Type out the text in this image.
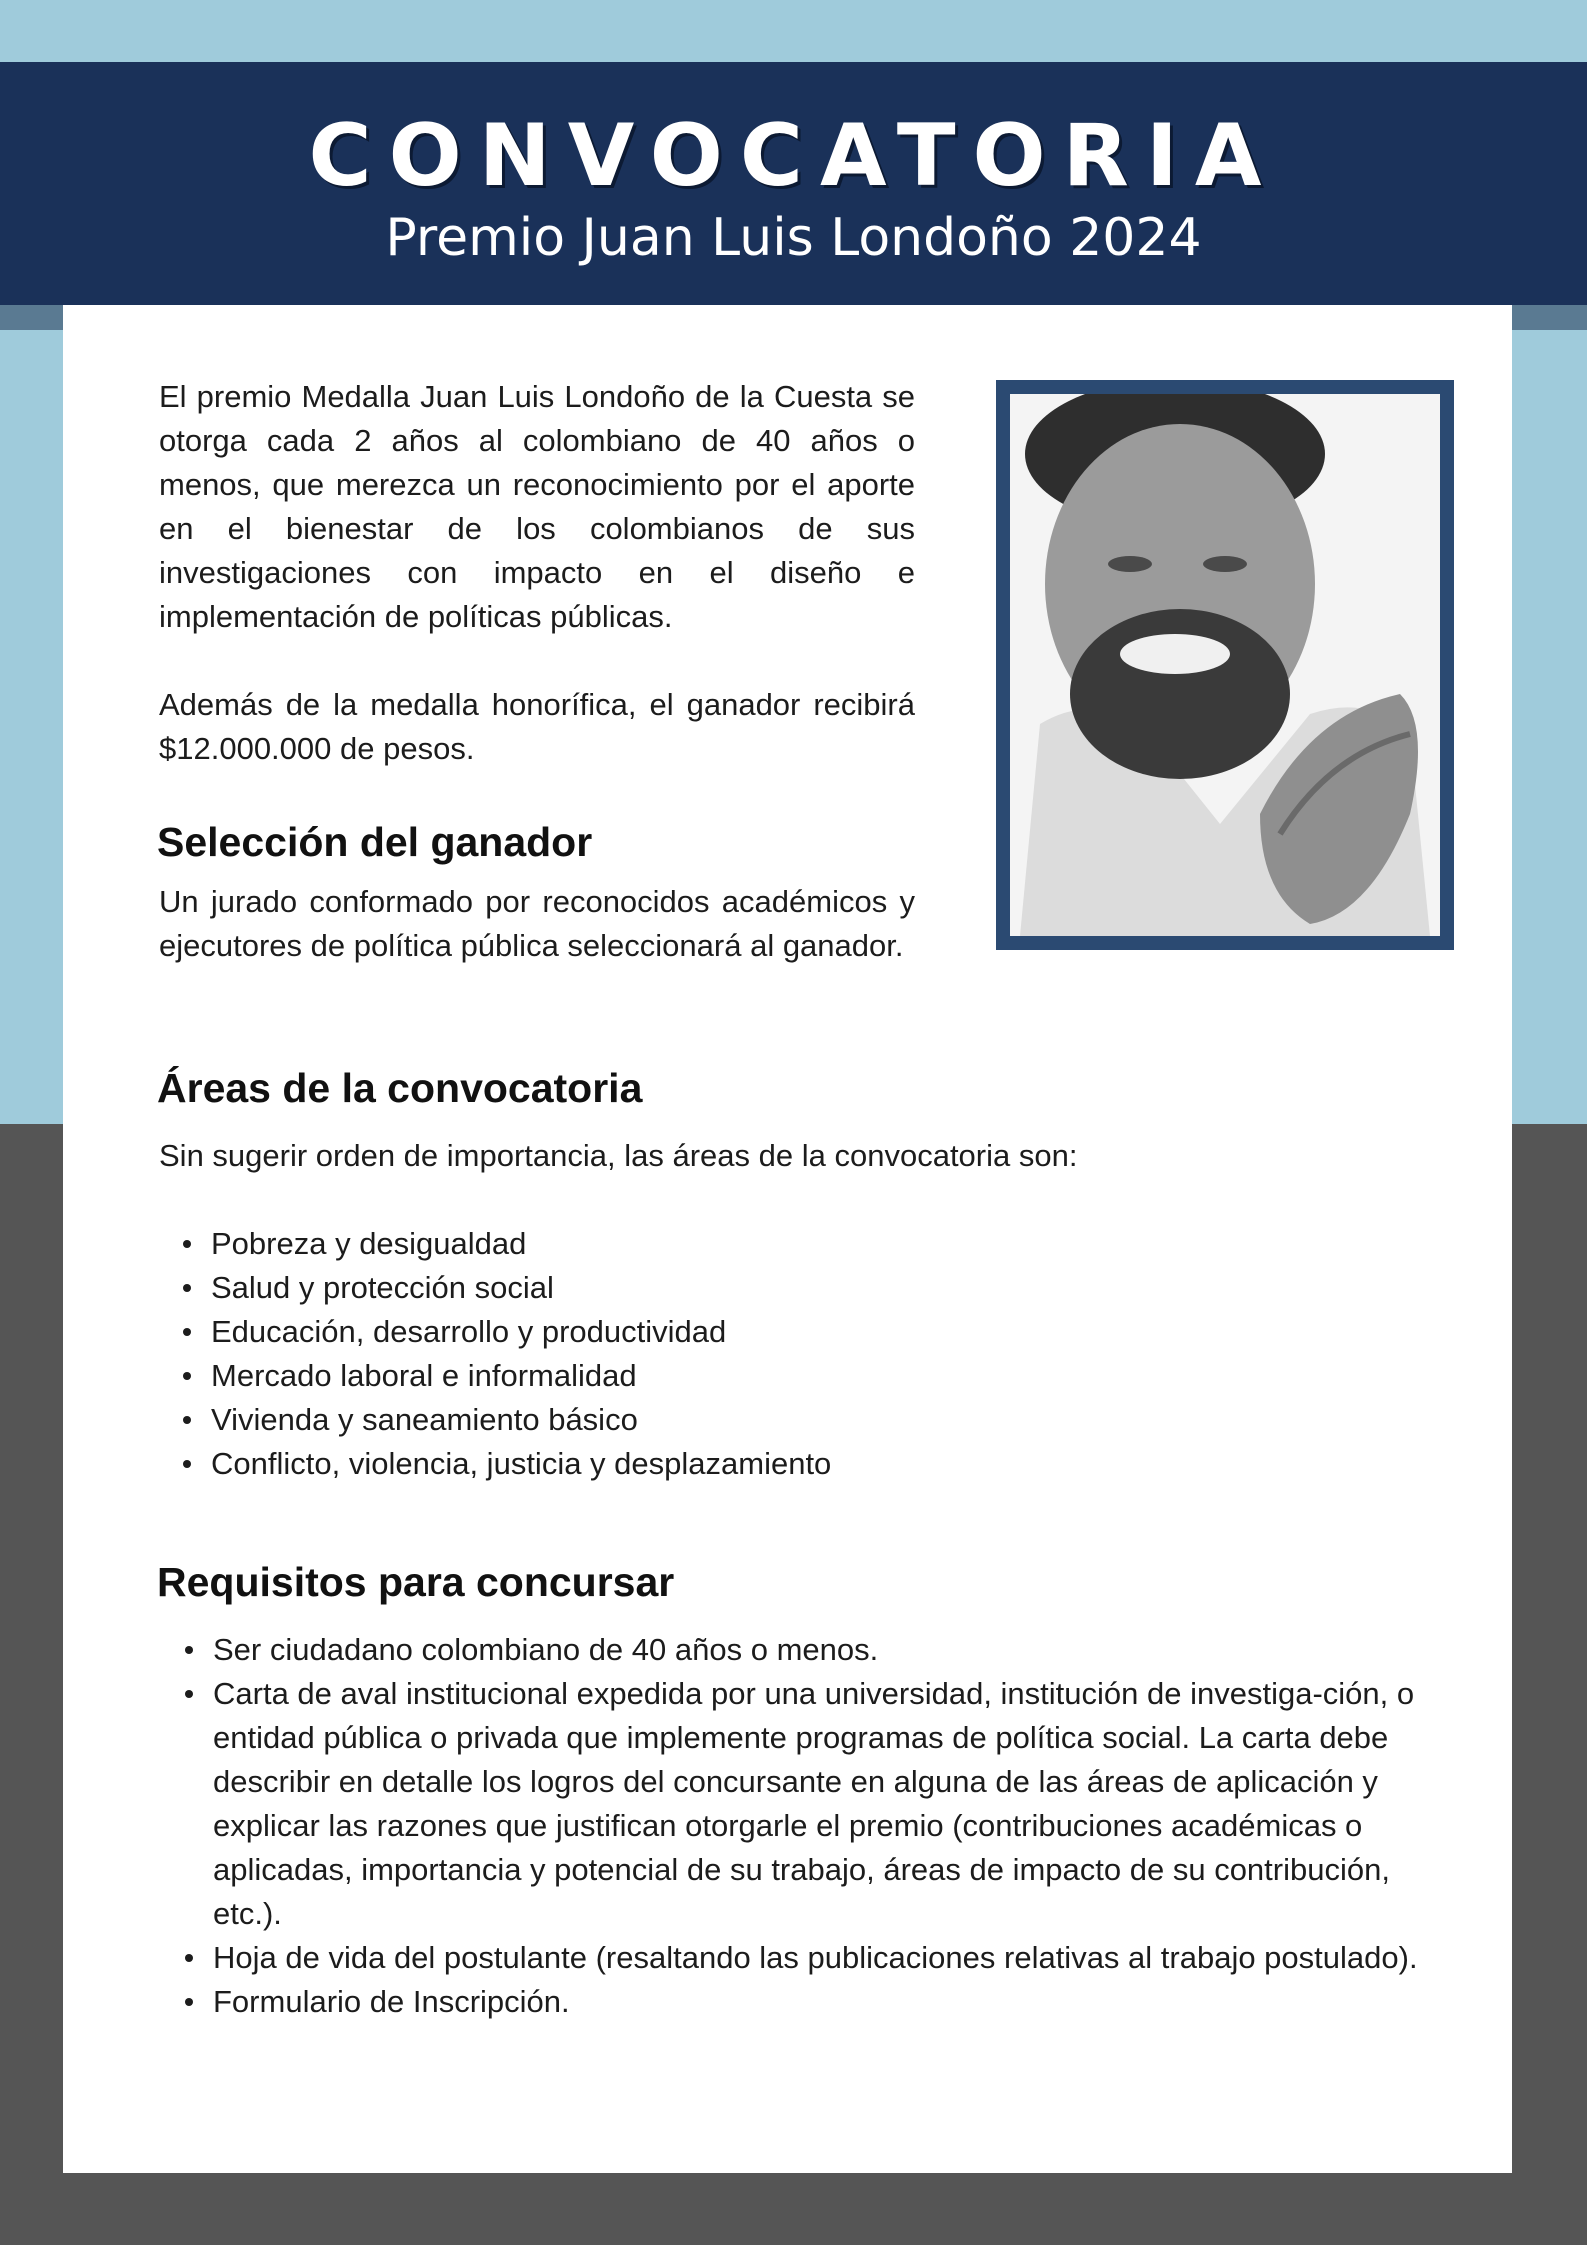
CONVOCATORIA
Premio Juan Luis Londoño 2024

El premio Medalla Juan Luis Londoño de la Cuesta se otorga cada 2 años al colombiano de 40 años o menos, que merezca un reconocimiento por el aporte en el bienestar de los colombianos de sus investigaciones con impacto en el diseño e implementación de políticas públicas.

Además de la medalla honorífica, el ganador recibirá $12.000.000 de pesos.

Selección del ganador

Un jurado conformado por reconocidos académicos y ejecutores de política pública seleccionará al ganador.

Áreas de la convocatoria

Sin sugerir orden de importancia, las áreas de la convocatoria son:

Pobreza y desigualdad
Salud y protección social
Educación, desarrollo y productividad
Mercado laboral e informalidad
Vivienda y saneamiento básico
Conflicto, violencia, justicia y desplazamiento
Requisitos para concursar
Ser ciudadano colombiano de 40 años o menos.
Carta de aval institucional expedida por una universidad, institución de investiga-ción, o entidad pública o privada que implemente programas de política social. La carta debe describir en detalle los logros del concursante en alguna de las áreas de aplicación y explicar las razones que justifican otorgarle el premio (contribuciones académicas o aplicadas, importancia y potencial de su trabajo, áreas de impacto de su contribución, etc.).
Hoja de vida del postulante (resaltando las publicaciones relativas al trabajo postulado).
Formulario de Inscripción.
